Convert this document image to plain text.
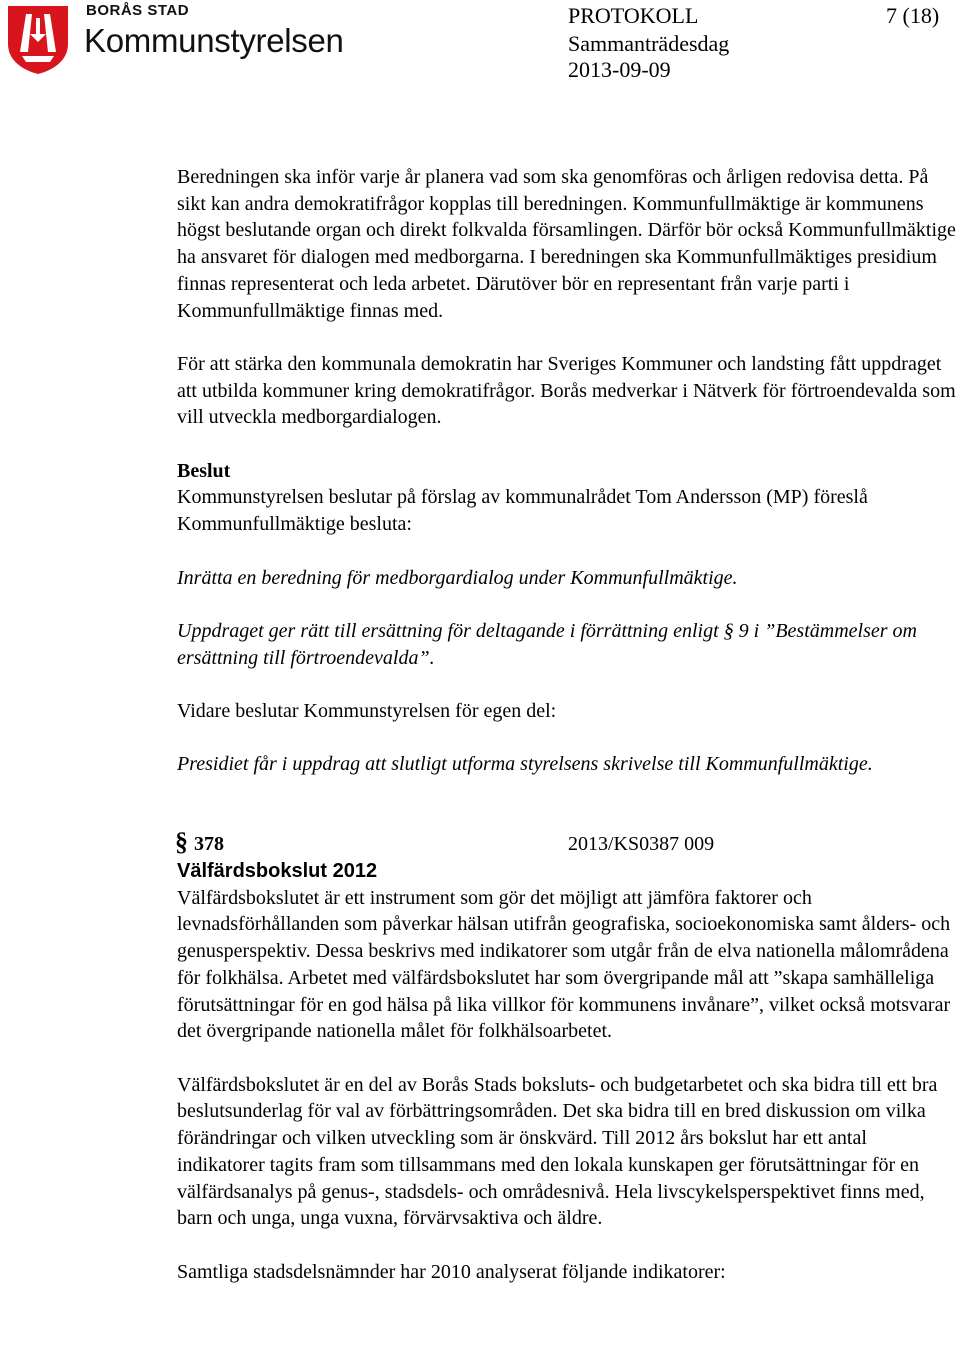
BORÅS STAD
Kommunstyrelsen
PROTOKOLL	7 (18)
Sammanträdesdag
2013-09-09

Beredningen ska inför varje år planera vad som ska genomföras och årligen redovisa detta. På sikt kan andra demokratifrågor kopplas till beredningen. Kommunfullmäktige är kommunens högst beslutande organ och direkt folkvalda församlingen. Därför bör också Kommunfullmäktige ha ansvaret för dialogen med medborgarna. I beredningen ska Kommunfullmäktiges presidium finnas representerat och leda arbetet. Därutöver bör en representant från varje parti i Kommunfullmäktige finnas med.

För att stärka den kommunala demokratin har Sveriges Kommuner och landsting fått uppdraget att utbilda kommuner kring demokratifrågor. Borås medverkar i Nätverk för förtroendevalda som vill utveckla medborgardialogen.

Beslut

Kommunstyrelsen beslutar på förslag av kommunalrådet Tom Andersson (MP) föreslå Kommunfullmäktige besluta:

Inrätta en beredning för medborgardialog under Kommunfullmäktige.

Uppdraget ger rätt till ersättning för deltagande i förrättning enligt § 9 i ”Bestämmelser om ersättning till förtroendevalda”.

Vidare beslutar Kommunstyrelsen för egen del:

Presidiet får i uppdrag att slutligt utforma styrelsens skrivelse till Kommunfullmäktige.

§ 378	2013/KS0387 009

Välfärdsbokslut 2012

Välfärdsbokslutet är ett instrument som gör det möjligt att jämföra faktorer och levnadsförhållanden som påverkar hälsan utifrån geografiska, socioekonomiska samt ålders- och genusperspektiv. Dessa beskrivs med indikatorer som utgår från de elva nationella målområdena för folkhälsa. Arbetet med välfärdsbokslutet har som övergripande mål att ”skapa samhälleliga förutsättningar för en god hälsa på lika villkor för kommunens invånare”, vilket också motsvarar det övergripande nationella målet för folkhälsoarbetet.

Välfärdsbokslutet är en del av Borås Stads boksluts- och budgetarbetet och ska bidra till ett bra beslutsunderlag för val av förbättringsområden. Det ska bidra till en bred diskussion om vilka förändringar och vilken utveckling som är önskvärd. Till 2012 års bokslut har ett antal indikatorer tagits fram som tillsammans med den lokala kunskapen ger förutsättningar för en välfärdsanalys på genus-, stadsdels- och områdesnivå. Hela livscykelsperspektivet finns med, barn och unga, unga vuxna, förvärvsaktiva och äldre.

Samtliga stadsdelsnämnder har 2010 analyserat följande indikatorer:
